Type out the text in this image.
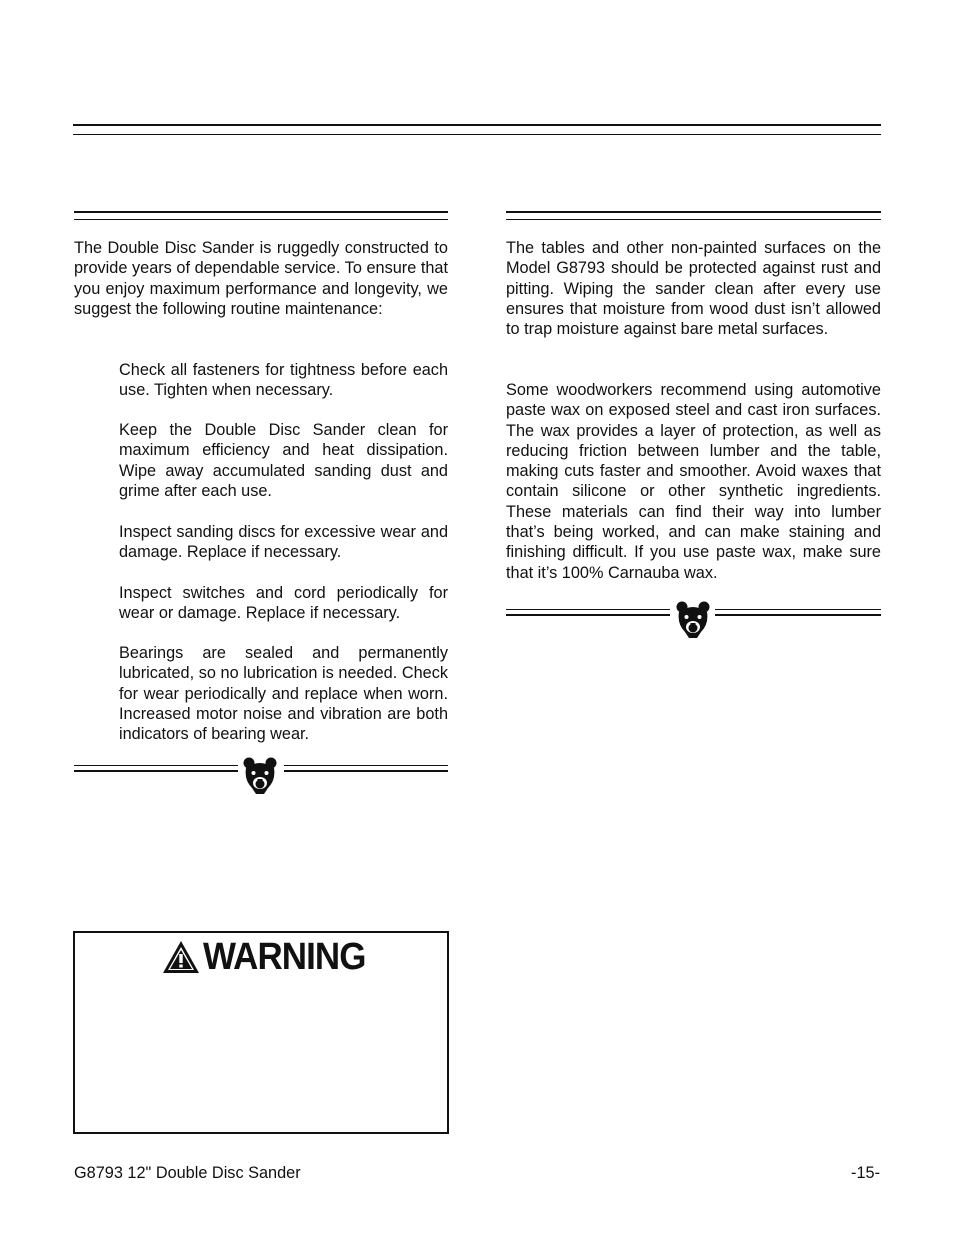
The Double Disc Sander is ruggedly constructed to provide years of dependable service. To ensure that you enjoy maximum performance and longevity, we suggest the following routine maintenance:

Check all fasteners for tightness before each use. Tighten when necessary.

Keep the Double Disc Sander clean for maximum efficiency and heat dissipation. Wipe away accumulated sanding dust and grime after each use.

Inspect sanding discs for excessive wear and damage. Replace if necessary.

Inspect switches and cord periodically for wear or damage. Replace if necessary.

Bearings are sealed and permanently lubricated, so no lubrication is needed. Check for wear periodically and replace when worn. Increased motor noise and vibration are both indicators of bearing wear.

The tables and other non-painted surfaces on the Model G8793 should be protected against rust and pitting. Wiping the sander clean after every use ensures that moisture from wood dust isn’t allowed to trap moisture against bare metal surfaces.

Some woodworkers recommend using automotive paste wax on exposed steel and cast iron surfaces. The wax provides a layer of protection, as well as reducing friction between lumber and the table, making cuts faster and smoother. Avoid waxes that contain silicone or other synthetic ingredients. These materials can find their way into lumber that’s being worked, and can make staining and finishing difficult. If you use paste wax, make sure that it’s 100% Carnauba wax.

WARNING
G8793 12" Double Disc Sander	-15-
